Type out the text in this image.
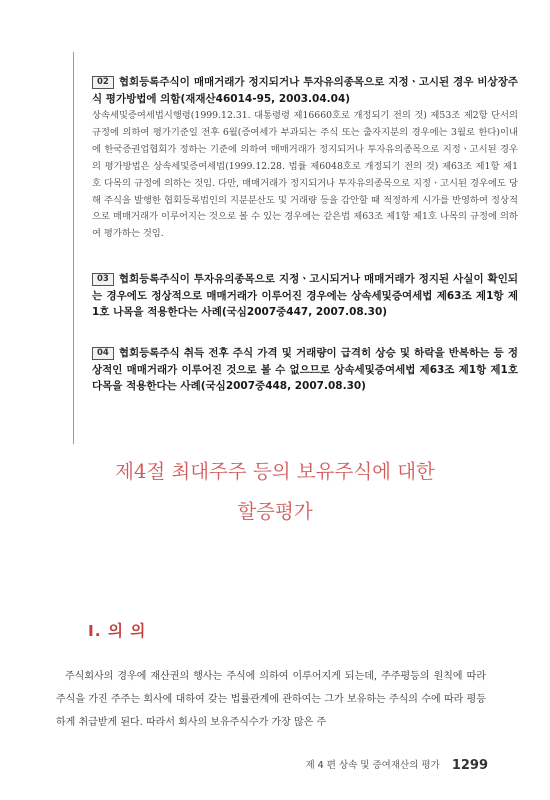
02 협회등록주식이 매매거래가 정지되거나 투자유의종목으로 지정ㆍ고시된 경우 비상장주식 평가방법에 의함(재재산46014-95, 2003.04.04)

상속세및증여세법시행령(1999.12.31. 대통령령 제16660호로 개정되기 전의 것) 제53조 제2항 단서의 규정에 의하여 평가기준일 전후 6월(증여세가 부과되는 주식 또는 출자지분의 경우에는 3월로 한다)이내에 한국증권업협회가 정하는 기준에 의하여 매매거래가 정지되거나 투자유의종목으로 지정ㆍ고시된 경우의 평가방법은 상속세및증여세법(1999.12.28. 법률 제6048호로 개정되기 전의 것) 제63조 제1항 제1호 다목의 규정에 의하는 것임. 다만, 매매거래가 정지되거나 투자유의종목으로 지정ㆍ고시된 경우에도 당해 주식을 발행한 협회등록법인의 지분분산도 및 거래량 등을 감안할 때 적정하게 시가를 반영하여 정상적으로 매매거래가 이루어지는 것으로 볼 수 있는 경우에는 같은법 제63조 제1항 제1호 나목의 규정에 의하여 평가하는 것임.

03 협회등록주식이 투자유의종목으로 지정ㆍ고시되거나 매매거래가 정지된 사실이 확인되는 경우에도 정상적으로 매매거래가 이루어진 경우에는 상속세및증여세법 제63조 제1항 제1호 나목을 적용한다는 사례(국심2007중447, 2007.08.30)

04 협회등록주식 취득 전후 주식 가격 및 거래량이 급격히 상승 및 하락을 반복하는 등 정상적인 매매거래가 이루어진 것으로 볼 수 없으므로 상속세및증여세법 제63조 제1항 제1호 다목을 적용한다는 사례(국심2007중448, 2007.08.30)

제4절 최대주주 등의 보유주식에 대한
할증평가
Ⅰ. 의 의

주식회사의 경우에 재산권의 행사는 주식에 의하여 이루어지게 되는데, 주주평등의 원칙에 따라 주식을 가진 주주는 회사에 대하여 갖는 법률관계에 관하여는 그가 보유하는 주식의 수에 따라 평등하게 취급받게 된다. 따라서 회사의 보유주식수가 가장 많은 주

제 4 편 상속 및 증여재산의 평가 1299
